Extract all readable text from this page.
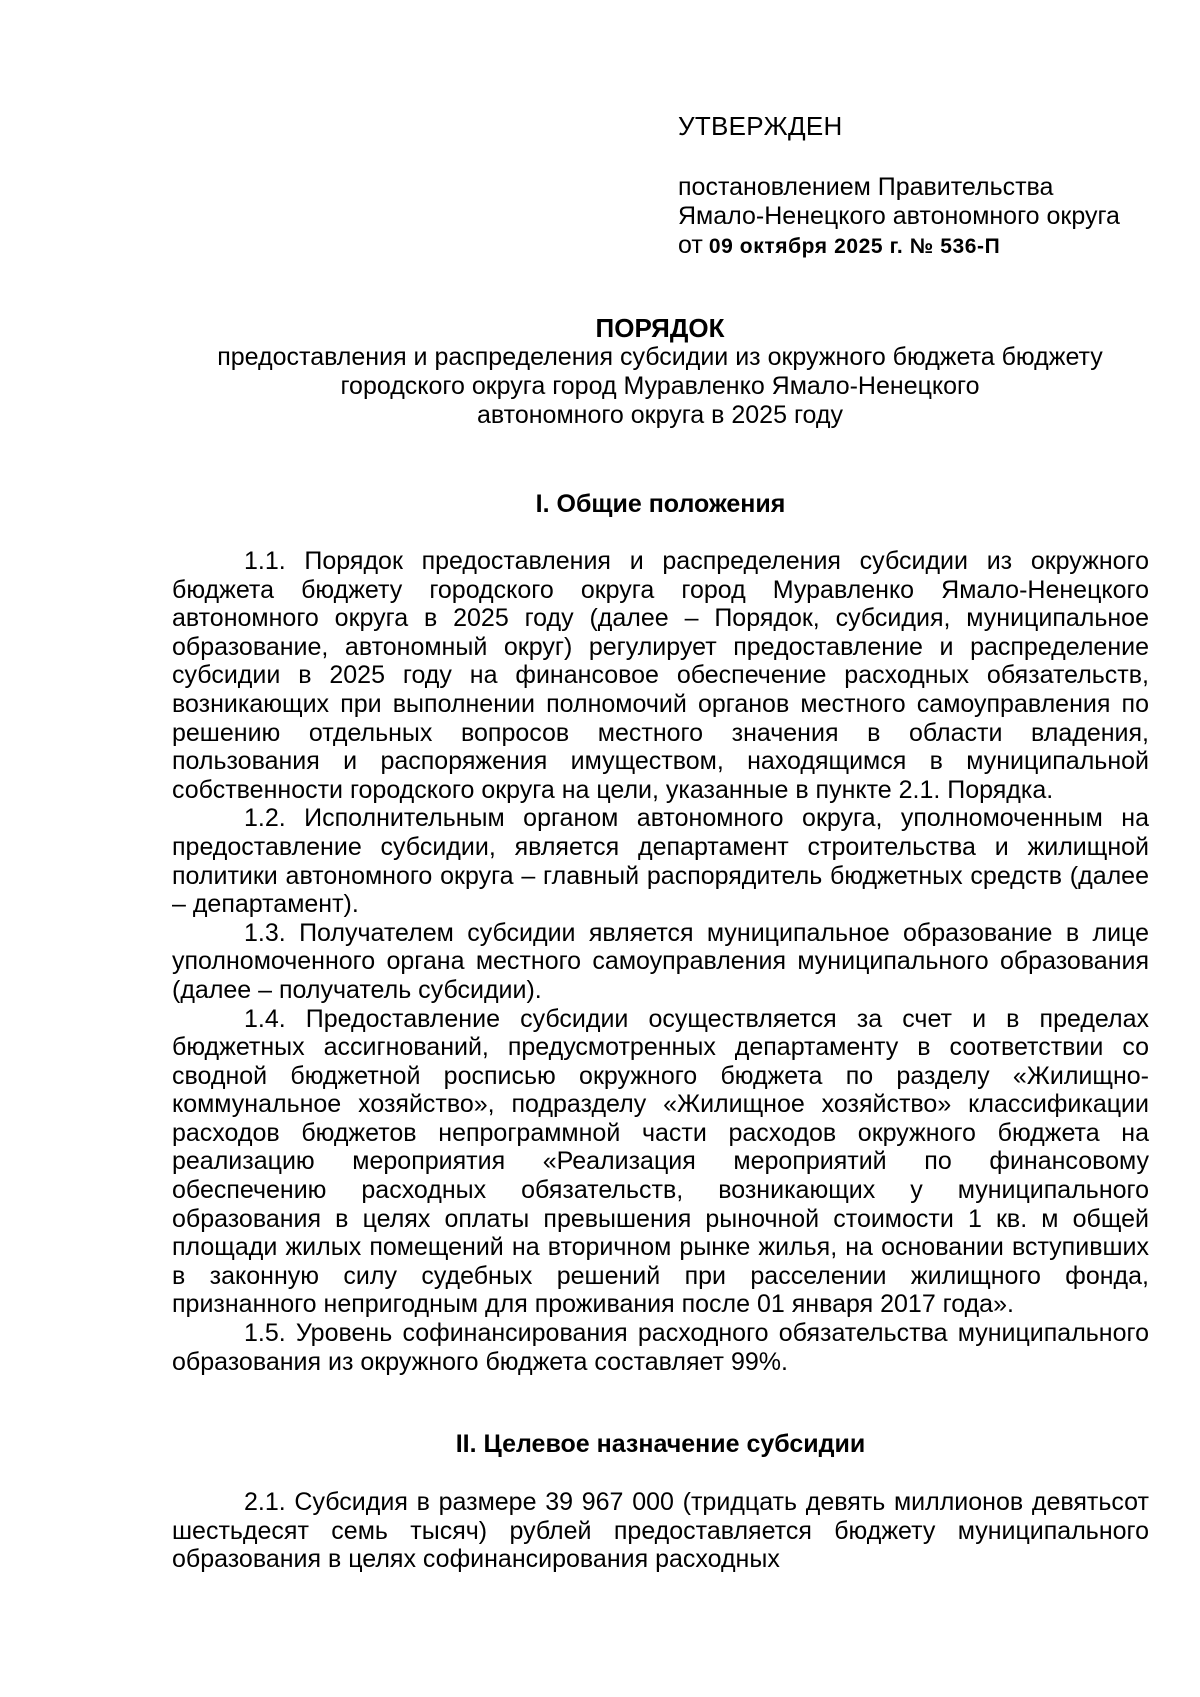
УТВЕРЖДЕН
постановлением Правительства
Ямало-Ненецкого автономного округа
от 09 октября 2025 г. № 536-П
ПОРЯДОК
предоставления и распределения субсидии из окружного бюджета бюджету
городского округа город Муравленко Ямало-Ненецкого
автономного округа в 2025 году
I. Общие положения

1.1. Порядок предоставления и распределения субсидии из окружного бюджета бюджету городского округа город Муравленко Ямало-Ненецкого автономного округа в 2025 году (далее – Порядок, субсидия, муниципальное образование, автономный округ) регулирует предоставление и распределение субсидии в 2025 году на финансовое обеспечение расходных обязательств, возникающих при выполнении полномочий органов местного самоуправления по решению отдельных вопросов местного значения в области владения, пользования и распоряжения имуществом, находящимся в муниципальной собственности городского округа на цели, указанные в пункте 2.1. Порядка.

1.2. Исполнительным органом автономного округа, уполномоченным на предоставление субсидии, является департамент строительства и жилищной политики автономного округа – главный распорядитель бюджетных средств (далее – департамент).

1.3. Получателем субсидии является муниципальное образование в лице уполномоченного органа местного самоуправления муниципального образования (далее – получатель субсидии).

1.4. Предоставление субсидии осуществляется за счет и в пределах бюджетных ассигнований, предусмотренных департаменту в соответствии со сводной бюджетной росписью окружного бюджета по разделу «Жилищно-коммунальное хозяйство», подразделу «Жилищное хозяйство» классификации расходов бюджетов непрограммной части расходов окружного бюджета на реализацию мероприятия «Реализация мероприятий по финансовому обеспечению расходных обязательств, возникающих у муниципального образования в целях оплаты превышения рыночной стоимости 1 кв. м общей площади жилых помещений на вторичном рынке жилья, на основании вступивших в законную силу судебных решений при расселении жилищного фонда, признанного непригодным для проживания после 01 января 2017 года».

1.5. Уровень софинансирования расходного обязательства муниципального образования из окружного бюджета составляет 99%.

II. Целевое назначение субсидии

2.1. Субсидия в размере 39 967 000 (тридцать девять миллионов девятьсот шестьдесят семь тысяч) рублей предоставляется бюджету муниципального образования в целях софинансирования расходных
